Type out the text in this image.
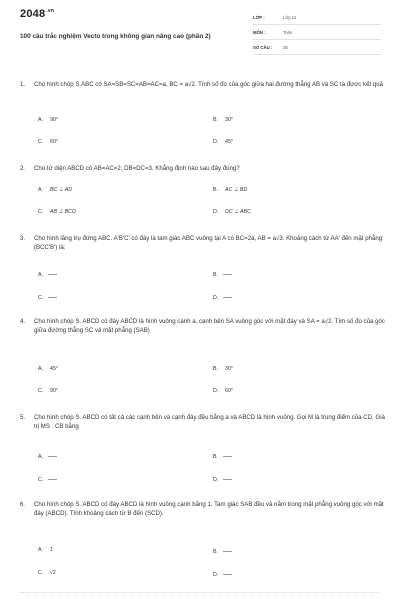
$2048^{.vn}$
100 câu trắc nghiệm Vecto trong không gian nâng cao (phần 2)
LỚP :	Lớp 11
MÔN :	Toán
SỐ CÂU : 25
1. Cho hình chóp S.ABC có SA=SB=SC=AB=AC=a, BC = a√2. Tính số đo của góc giữa hai đường thẳng AB và SC ta được kết quả
A. 90°	B. 30°
C. 60°	D. 45°
2. Cho tứ diện ABCD có AB=AC=2, DB=DC=3. Khẳng định nào sau đây đúng?
A. BC ⊥ AD	B. AC ⊥ BD
C. AB ⊥ BCD	D. DC ⊥ ABC
3. Cho hình lăng trụ đứng ABC. A'B'C' có đáy là tam giác ABC vuông tại A có BC=2a, AB = a√3. Khoảng cách từ AA' đến mặt phẳng (BCC'B') là:
A.	B.
C.	D.
4. Cho hình chóp S. ABCD có đáy ABCD là hình vuông cạnh a, cạnh bên SA vuông góc với mặt đáy và SA = a√2. Tìm số đo của góc giữa đường thẳng SC và mặt phẳng (SAB)
A. 45°	B. 30°
C. 90°	D. 60°
5. Cho hình chóp S. ABCD có tất cả các cạnh bên và cạnh đáy đều bằng a và ABCD là hình vuông. Gọi M là trung điểm của CD. Giá trị MS . CB bằng
A.	B.
C.	D.
6. Cho hình chóp S. ABCD có đáy ABCD là hình vuông cạnh bằng 1. Tam giác SAB đều và nằm trong mặt phẳng vuông góc với mặt đáy (ABCD). Tính khoảng cách từ B đến (SCD).
A. 1	B.
C. √2	D.
